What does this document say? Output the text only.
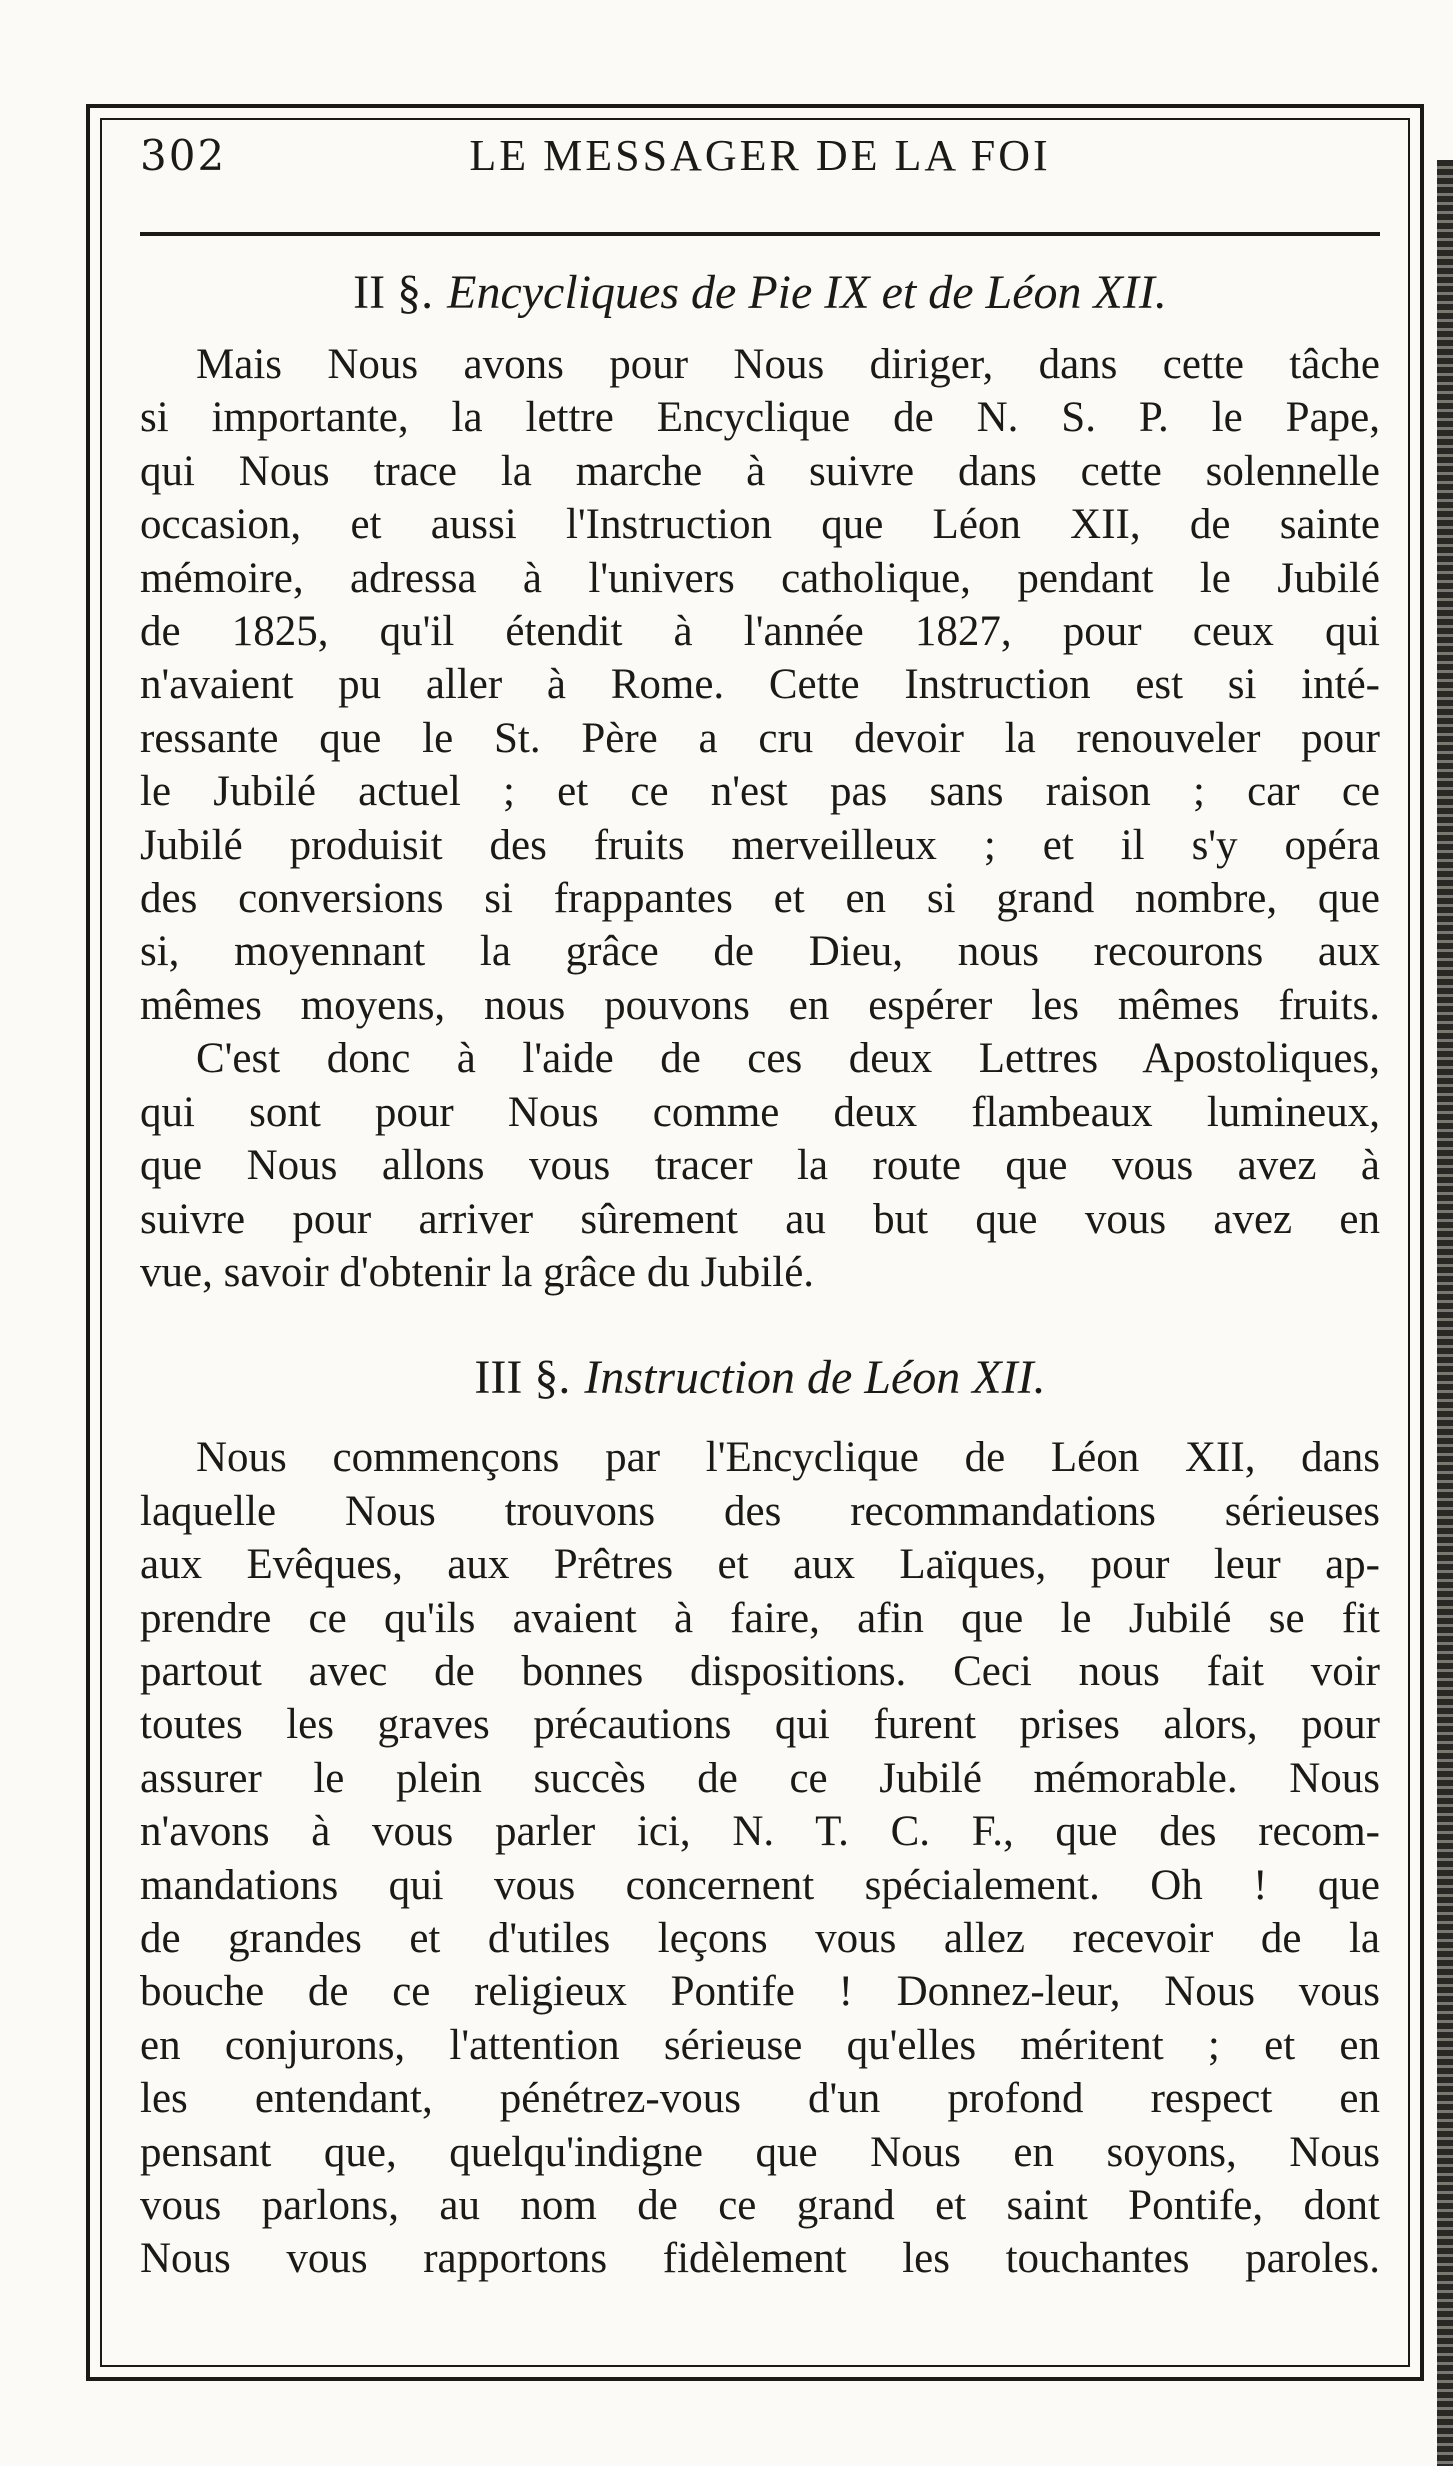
302	LE MESSAGER DE LA FOI
II §. Encycliques de Pie IX et de Léon XII.
Mais Nous avons pour Nous diriger, dans cette tâche
si importante, la lettre Encyclique de N. S. P. le Pape,
qui Nous trace la marche à suivre dans cette solennelle
occasion, et aussi l'Instruction que Léon XII, de sainte
mémoire, adressa à l'univers catholique, pendant le Jubilé
de 1825, qu'il étendit à l'année 1827, pour ceux qui
n'avaient pu aller à Rome. Cette Instruction est si inté-
ressante que le St. Père a cru devoir la renouveler pour
le Jubilé actuel ; et ce n'est pas sans raison ; car ce
Jubilé produisit des fruits merveilleux ; et il s'y opéra
des conversions si frappantes et en si grand nombre, que
si, moyennant la grâce de Dieu, nous recourons aux
mêmes moyens, nous pouvons en espérer les mêmes fruits.
C'est donc à l'aide de ces deux Lettres Apostoliques,
qui sont pour Nous comme deux flambeaux lumineux,
que Nous allons vous tracer la route que vous avez à
suivre pour arriver sûrement au but que vous avez en
vue, savoir d'obtenir la grâce du Jubilé.
III §. Instruction de Léon XII.
Nous commençons par l'Encyclique de Léon XII, dans
laquelle Nous trouvons des recommandations sérieuses
aux Evêques, aux Prêtres et aux Laïques, pour leur ap-
prendre ce qu'ils avaient à faire, afin que le Jubilé se fit
partout avec de bonnes dispositions. Ceci nous fait voir
toutes les graves précautions qui furent prises alors, pour
assurer le plein succès de ce Jubilé mémorable. Nous
n'avons à vous parler ici, N. T. C. F., que des recom-
mandations qui vous concernent spécialement. Oh ! que
de grandes et d'utiles leçons vous allez recevoir de la
bouche de ce religieux Pontife ! Donnez-leur, Nous vous
en conjurons, l'attention sérieuse qu'elles méritent ; et en
les entendant, pénétrez-vous d'un profond respect en
pensant que, quelqu'indigne que Nous en soyons, Nous
vous parlons, au nom de ce grand et saint Pontife, dont
Nous vous rapportons fidèlement les touchantes paroles.
